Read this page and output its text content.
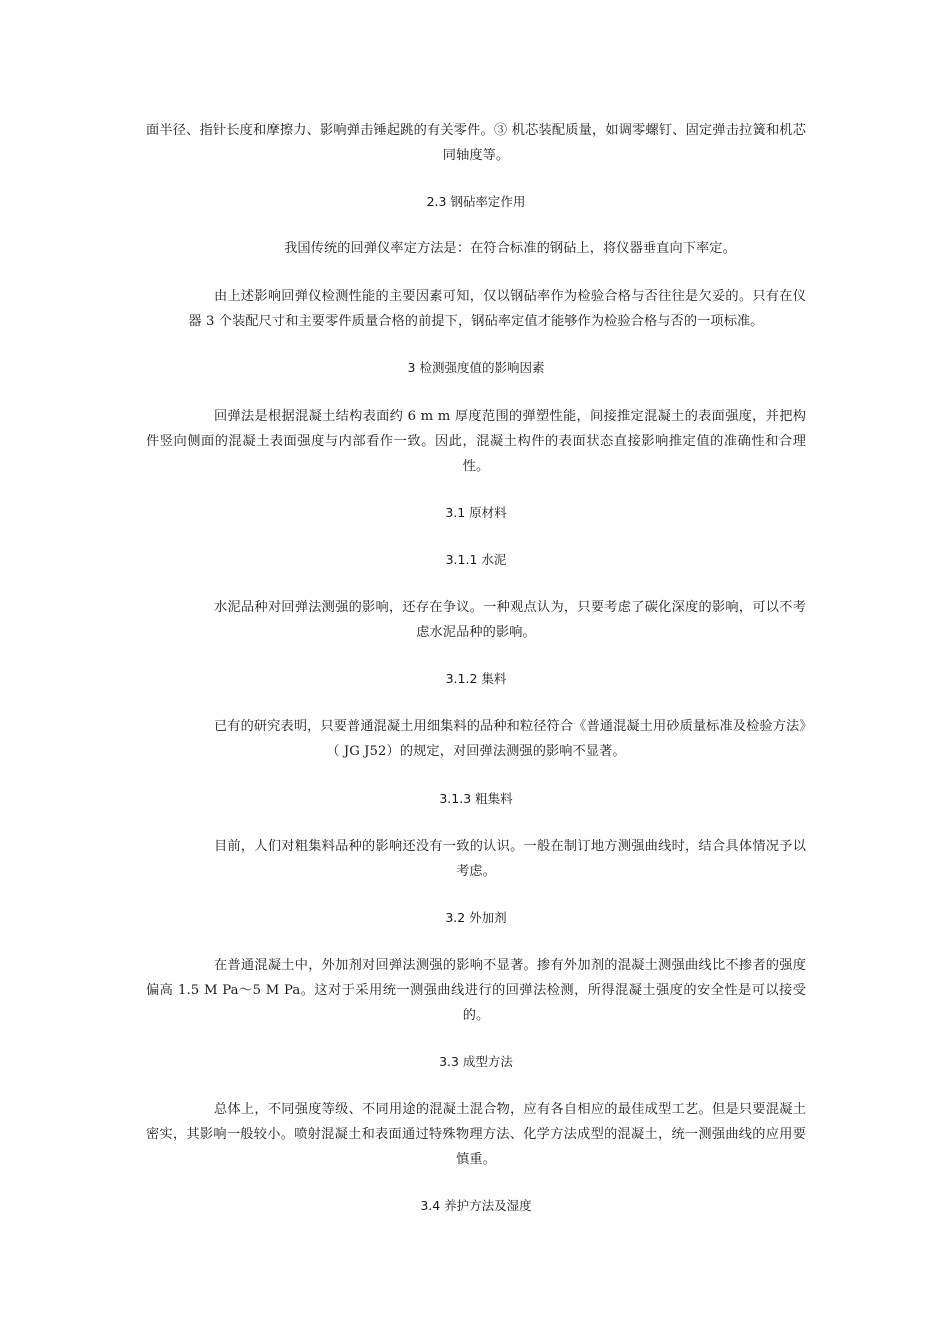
面半径、指针长度和摩擦力、影响弹击锤起跳的有关零件。③ 机芯装配质量，如调零螺钉、固定弹击拉簧和机芯同轴度等。
2.3 钢砧率定作用
我国传统的回弹仪率定方法是：在符合标准的钢砧上，将仪器垂直向下率定。
由上述影响回弹仪检测性能的主要因素可知，仅以钢砧率作为检验合格与否往往是欠妥的。只有在仪器 3 个装配尺寸和主要零件质量合格的前提下，钢砧率定值才能够作为检验合格与否的一项标准。
3 检测强度值的影响因素
回弹法是根据混凝土结构表面约 6 m m 厚度范围的弹塑性能，间接推定混凝土的表面强度，并把构件竖向侧面的混凝土表面强度与内部看作一致。因此，混凝土构件的表面状态直接影响推定值的准确性和合理性。
3.1 原材料
3.1.1 水泥
水泥品种对回弹法测强的影响，还存在争议。一种观点认为，只要考虑了碳化深度的影响，可以不考虑水泥品种的影响。
3.1.2 集料
已有的研究表明，只要普通混凝土用细集料的品种和粒径符合《普通混凝土用砂质量标准及检验方法》（ JG J52）的规定，对回弹法测强的影响不显著。
3.1.3 粗集料
目前，人们对粗集料品种的影响还没有一致的认识。一般在制订地方测强曲线时，结合具体情况予以考虑。
3.2 外加剂
在普通混凝土中，外加剂对回弹法测强的影响不显著。掺有外加剂的混凝土测强曲线比不掺者的强度偏高 1.5 M Pa～5 M Pa。这对于采用统一测强曲线进行的回弹法检测，所得混凝土强度的安全性是可以接受的。
3.3 成型方法
总体上，不同强度等级、不同用途的混凝土混合物，应有各自相应的最佳成型工艺。但是只要混凝土密实，其影响一般较小。喷射混凝土和表面通过特殊物理方法、化学方法成型的混凝土，统一测强曲线的应用要慎重。
3.4 养护方法及湿度
